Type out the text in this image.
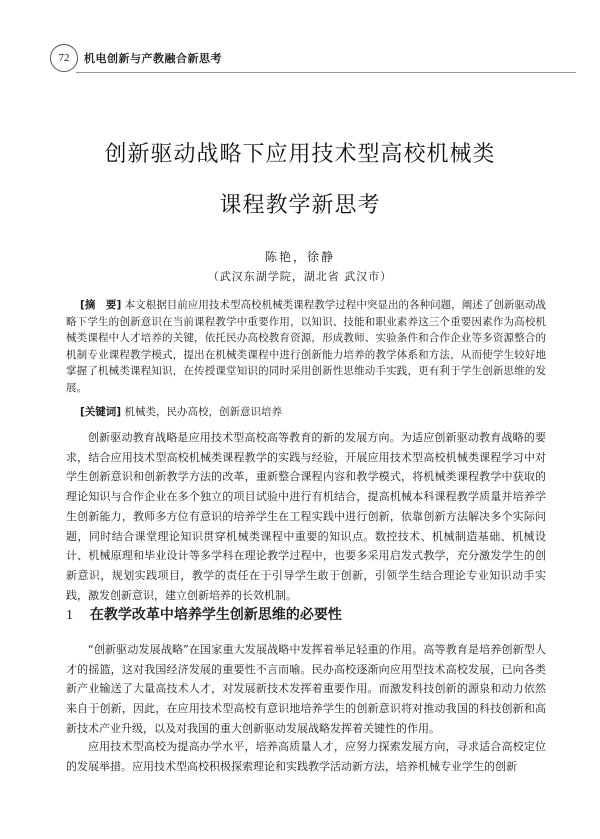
72	机电创新与产教融合新思考
创新驱动战略下应用技术型高校机械类
课程教学新思考
陈艳，徐静
（武汉东湖学院，湖北省 武汉市）
[摘　要] 本文根据目前应用技术型高校机械类课程教学过程中突显出的各种问题，阐述了创新驱动战略下学生的创新意识在当前课程教学中重要作用，以知识、技能和职业素养这三个重要因素作为高校机械类课程中人才培养的关键，依托民办高校教育资源，形成教师、实验条件和合作企业等多资源整合的机制专业课程教学模式，提出在机械类课程中进行创新能力培养的教学体系和方法，从而使学生较好地掌握了机械类课程知识，在传授课堂知识的同时采用创新性思维动手实践，更有利于学生创新思维的发展。
[关键词] 机械类，民办高校，创新意识培养
创新驱动教育战略是应用技术型高校高等教育的新的发展方向。为适应创新驱动教育战略的要求，结合应用技术型高校机械类课程教学的实践与经验，开展应用技术型高校机械类课程学习中对学生创新意识和创新教学方法的改革，重新整合课程内容和教学模式，将机械类课程教学中获取的理论知识与合作企业在多个独立的项目试验中进行有机结合，提高机械本科课程教学质量并培养学生创新能力，教师多方位有意识的培养学生在工程实践中进行创新，依靠创新方法解决多个实际问题，同时结合课堂理论知识贯穿机械类课程中重要的知识点。数控技术、机械制造基础、机械设计、机械原理和毕业设计等多学科在理论教学过程中，也要多采用启发式教学，充分激发学生的创新意识，规划实践项目，教学的责任在于引导学生敢于创新，引领学生结合理论专业知识动手实践，激发创新意识，建立创新培养的长效机制。
1 在教学改革中培养学生创新思维的必要性
“创新驱动发展战略”在国家重大发展战略中发挥着举足轻重的作用。高等教育是培养创新型人才的摇篮，这对我国经济发展的重要性不言而喻。民办高校逐渐向应用型技术高校发展，已向各类新产业输送了大量高技术人才，对发展新技术发挥着重要作用。而激发科技创新的源泉和动力依然来自于创新，因此，在应用技术型高校有意识地培养学生的创新意识将对推动我国的科技创新和高新技术产业升级，以及对我国的重大创新驱动发展战略发挥着关键性的作用。
应用技术型高校为提高办学水平，培养高质量人才，应努力探索发展方向，寻求适合高校定位的发展举措。应用技术型高校积极探索理论和实践教学活动新方法，培养机械专业学生的创新
